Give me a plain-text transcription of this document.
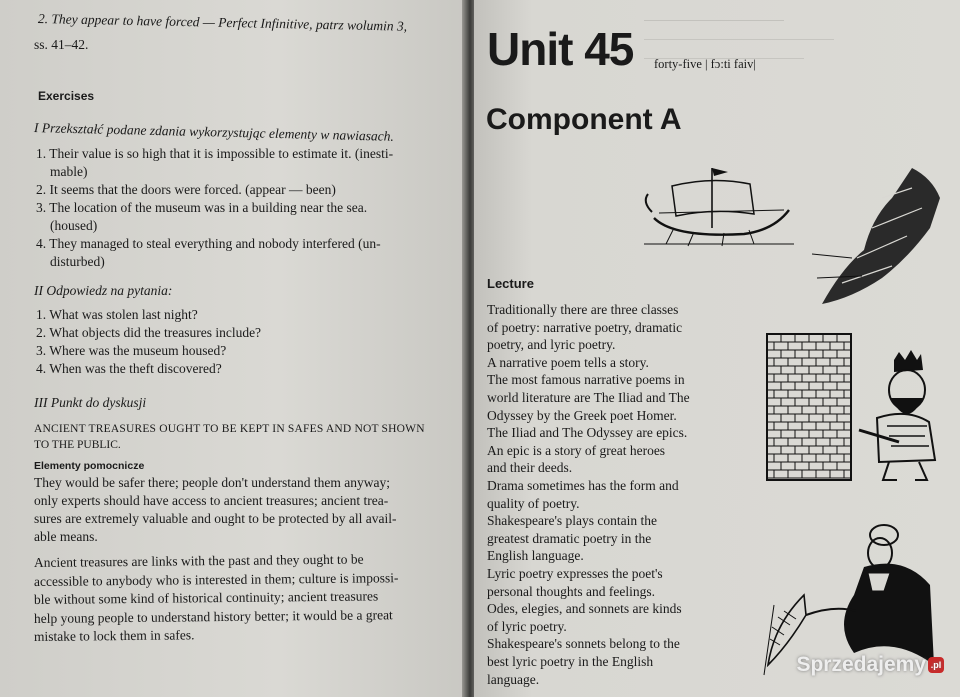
2. They appear to have forced — Perfect Infinitive, patrz wolumin 3,
ss. 41–42.
Exercises
I Przekształć podane zdania wykorzystując elementy w nawiasach.
1. Their value is so high that it is impossible to estimate it. (inesti-
mable)
2. It seems that the doors were forced. (appear — been)
3. The location of the museum was in a building near the sea.
(housed)
4. They managed to steal everything and nobody interfered (un-
disturbed)
II Odpowiedz na pytania:
1. What was stolen last night?
2. What objects did the treasures include?
3. Where was the museum housed?
4. When was the theft discovered?
III Punkt do dyskusji
ANCIENT TREASURES OUGHT TO BE KEPT IN SAFES AND NOT SHOWN
TO THE PUBLIC.
Elementy pomocnicze
They would be safer there; people don't understand them anyway;
only experts should have access to ancient treasures; ancient trea-
sures are extremely valuable and ought to be protected by all avail-
able means.
Ancient treasures are links with the past and they ought to be
accessible to anybody who is interested in them; culture is impossi-
ble without some kind of historical continuity; ancient treasures
help young people to understand history better; it would be a great
mistake to lock them in safes.
Unit 45 forty-five | fɔ:ti faiv|
Component A
Lecture
Traditionally there are three classes
of poetry: narrative poetry, dramatic
poetry, and lyric poetry.
A narrative poem tells a story.
The most famous narrative poems in
world literature are The Iliad and The
Odyssey by the Greek poet Homer.
The Iliad and The Odyssey are epics.
An epic is a story of great heroes
and their deeds.
Drama sometimes has the form and
quality of poetry.
Shakespeare's plays contain the
greatest dramatic poetry in the
English language.
Lyric poetry expresses the poet's
personal thoughts and feelings.
Odes, elegies, and sonnets are kinds
of lyric poetry.
Shakespeare's sonnets belong to the
best lyric poetry in the English
language.
Sprzedajemy .pl
